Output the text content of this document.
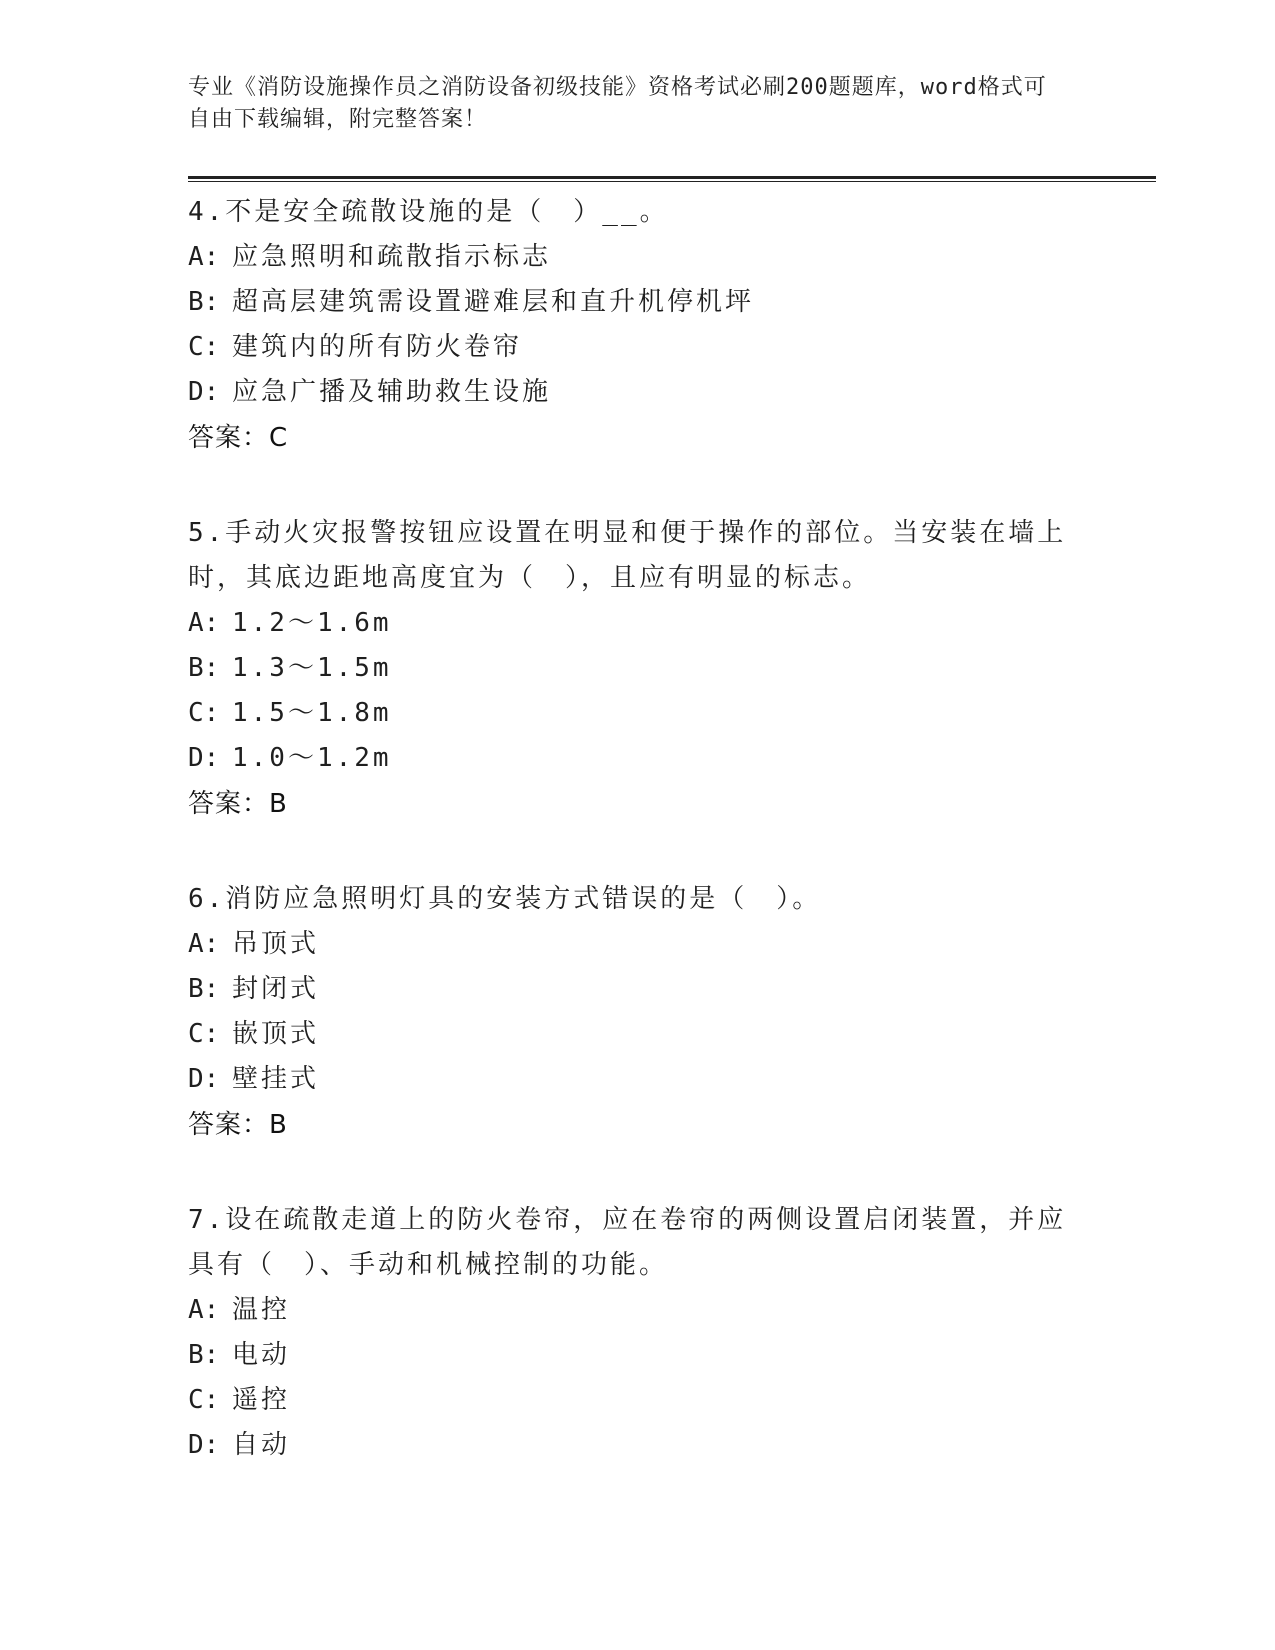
专业《消防设施操作员之消防设备初级技能》资格考试必刷200题题库，word格式可自由下载编辑，附完整答案！

4.不是安全疏散设施的是（　）__。

A: 应急照明和疏散指示标志

B: 超高层建筑需设置避难层和直升机停机坪

C: 建筑内的所有防火卷帘

D: 应急广播及辅助救生设施

答案：C

5.手动火灾报警按钮应设置在明显和便于操作的部位。当安装在墙上时，其底边距地高度宜为（　），且应有明显的标志。

A: 1.2～1.6m

B: 1.3～1.5m

C: 1.5～1.8m

D: 1.0～1.2m

答案：B

6.消防应急照明灯具的安装方式错误的是（　）。

A: 吊顶式

B: 封闭式

C: 嵌顶式

D: 壁挂式

答案：B

7.设在疏散走道上的防火卷帘，应在卷帘的两侧设置启闭装置，并应具有（　）、手动和机械控制的功能。

A: 温控

B: 电动

C: 遥控

D: 自动
